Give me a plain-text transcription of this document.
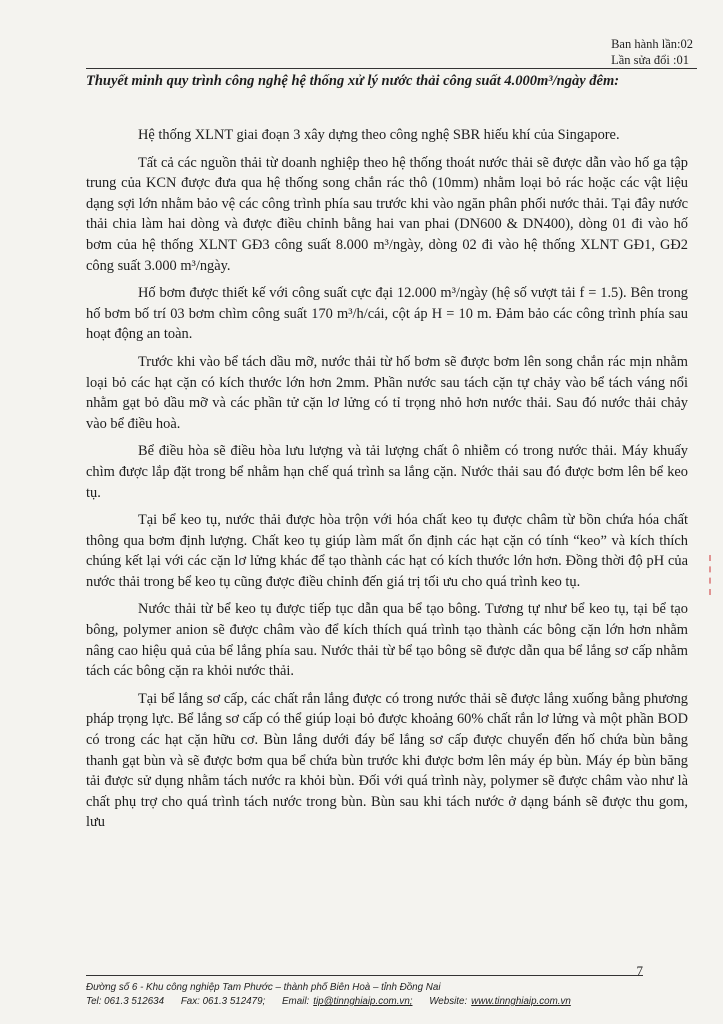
Ban hành lần:02
Lần sửa đổi :01
Thuyết minh quy trình công nghệ hệ thống xử lý nước thải công suất 4.000m³/ngày đêm:

Hệ thống XLNT giai đoạn 3 xây dựng theo công nghệ SBR hiếu khí của Singapore.

Tất cả các nguồn thải từ doanh nghiệp theo hệ thống thoát nước thải sẽ được dẫn vào hố ga tập trung của KCN được đưa qua hệ thống song chắn rác thô (10mm) nhằm loại bỏ rác hoặc các vật liệu dạng sợi lớn nhằm bảo vệ các công trình phía sau trước khi vào ngăn phân phối nước thải. Tại đây nước thải chia làm hai dòng và được điều chỉnh bằng hai van phai (DN600 & DN400), dòng 01 đi vào hố bơm của hệ thống XLNT GĐ3 công suất 8.000 m³/ngày, dòng 02 đi vào hệ thống XLNT GĐ1, GĐ2 công suất 3.000 m³/ngày.

Hố bơm được thiết kế với công suất cực đại 12.000 m³/ngày (hệ số vượt tải f = 1.5). Bên trong hố bơm bố trí 03 bơm chìm công suất 170 m³/h/cái, cột áp H = 10 m. Đảm bảo các công trình phía sau hoạt động an toàn.

Trước khi vào bể tách dầu mỡ, nước thải từ hố bơm sẽ được bơm lên song chắn rác mịn nhằm loại bỏ các hạt cặn có kích thước lớn hơn 2mm. Phần nước sau tách cặn tự chảy vào bể tách váng nổi nhằm gạt bỏ dầu mỡ và các phần tử cặn lơ lửng có tỉ trọng nhỏ hơn nước thải. Sau đó nước thải chảy vào bể điều hoà.

Bể điều hòa sẽ điều hòa lưu lượng và tải lượng chất ô nhiễm có trong nước thải. Máy khuấy chìm được lắp đặt trong bể nhằm hạn chế quá trình sa lắng cặn. Nước thải sau đó được bơm lên bể keo tụ.

Tại bể keo tụ, nước thải được hòa trộn với hóa chất keo tụ được châm từ bồn chứa hóa chất thông qua bơm định lượng. Chất keo tụ giúp làm mất ổn định các hạt cặn có tính “keo” và kích thích chúng kết lại với các cặn lơ lửng khác để tạo thành các hạt có kích thước lớn hơn. Đồng thời độ pH của nước thải trong bể keo tụ cũng được điều chỉnh đến giá trị tối ưu cho quá trình keo tụ.

Nước thải từ bể keo tụ được tiếp tục dẫn qua bể tạo bông. Tương tự như bể keo tụ, tại bể tạo bông, polymer anion sẽ được châm vào để kích thích quá trình tạo thành các bông cặn lớn hơn nhằm nâng cao hiệu quả của bể lắng phía sau. Nước thải từ bể tạo bông sẽ được dẫn qua bể lắng sơ cấp nhằm tách các bông cặn ra khỏi nước thải.

Tại bể lắng sơ cấp, các chất rắn lắng được có trong nước thải sẽ được lắng xuống bằng phương pháp trọng lực. Bể lắng sơ cấp có thể giúp loại bỏ được khoảng 60% chất rắn lơ lửng và một phần BOD có trong các hạt cặn hữu cơ. Bùn lắng dưới đáy bể lắng sơ cấp được chuyển đến hố chứa bùn bằng thanh gạt bùn và sẽ được bơm qua bể chứa bùn trước khi được bơm lên máy ép bùn. Máy ép bùn băng tải được sử dụng nhằm tách nước ra khỏi bùn. Đối với quá trình này, polymer sẽ được châm vào như là chất phụ trợ cho quá trình tách nước trong bùn. Bùn sau khi tách nước ở dạng bánh sẽ được thu gom, lưu

7
Đường số 6 - Khu công nghiệp Tam Phước – thành phố Biên Hoà – tỉnh Đồng Nai
Tel: 061.3 512634 Fax: 061.3 512479; Email: tip@tinnghiaip.com.vn; Website: www.tinnghiaip.com.vn
